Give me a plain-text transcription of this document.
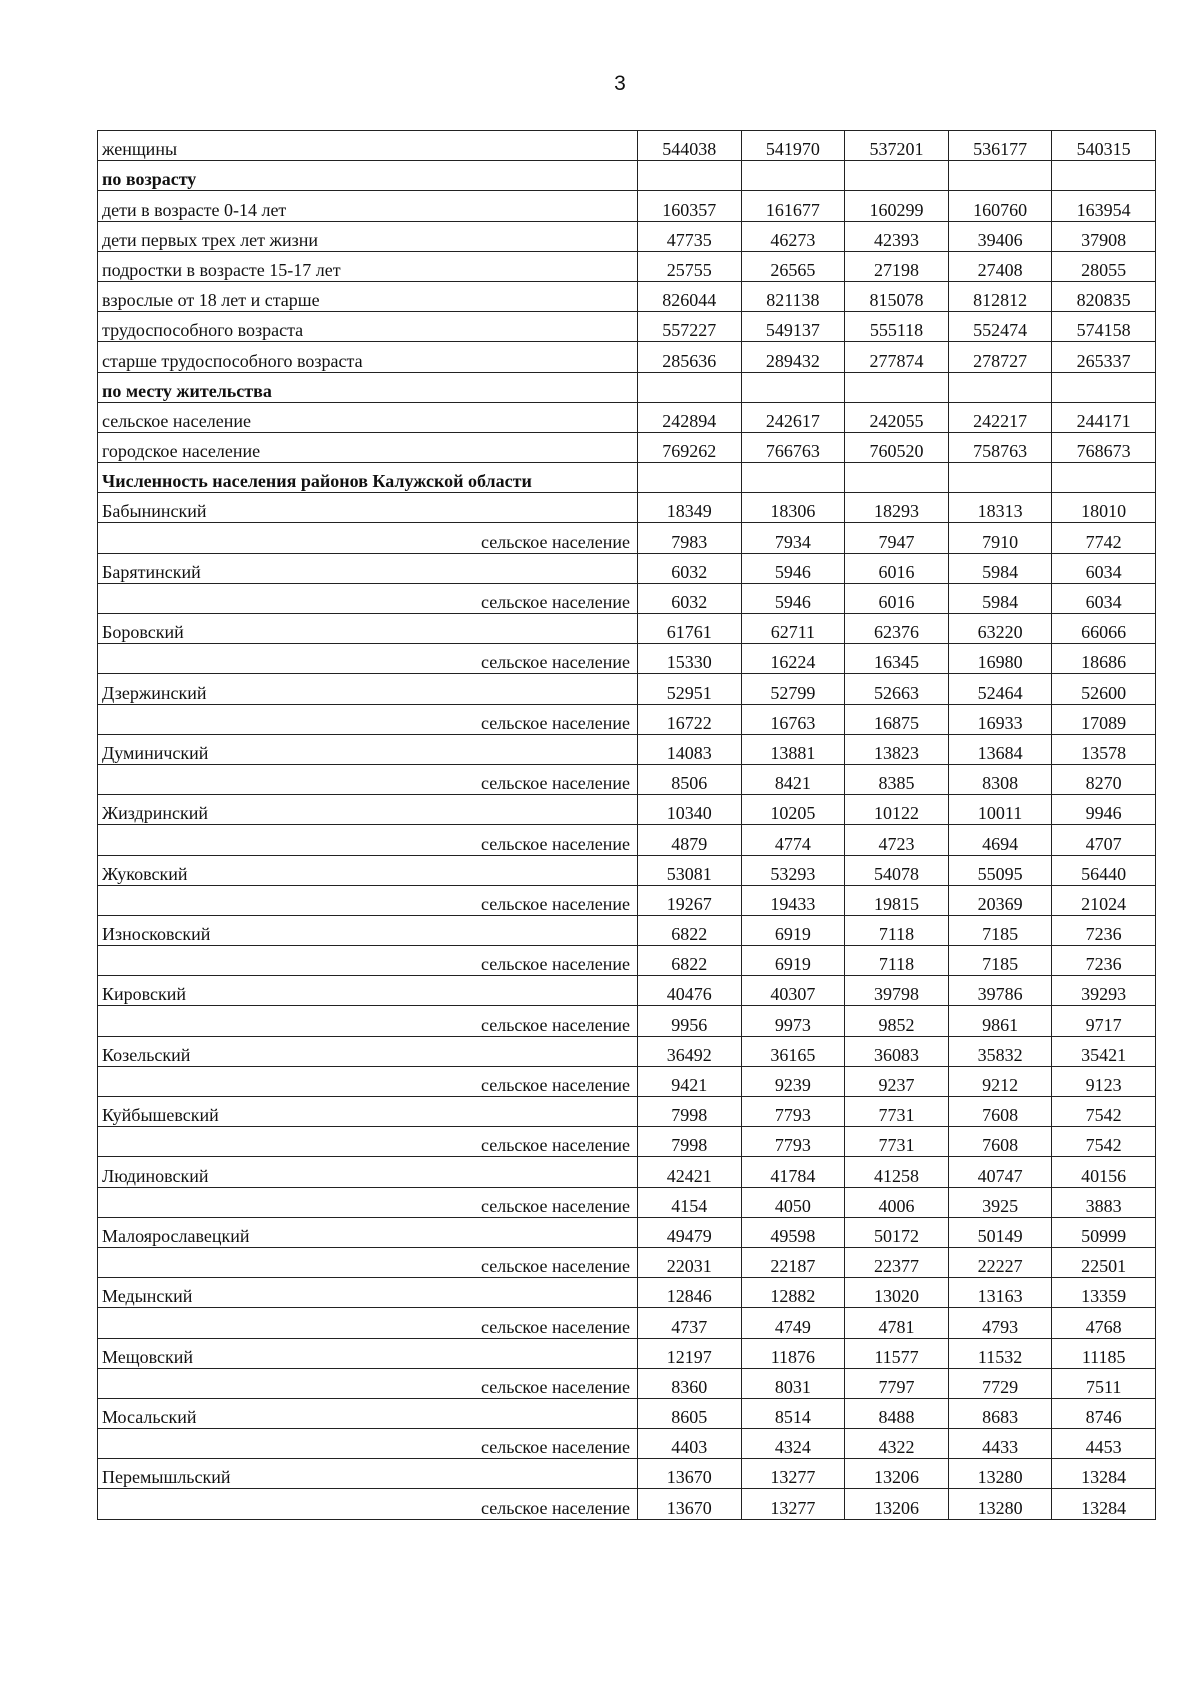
3
женщины	544038	541970	537201	536177	540315
по возрасту					
дети в возрасте 0-14 лет	160357	161677	160299	160760	163954
дети первых трех лет жизни	47735	46273	42393	39406	37908
подростки в возрасте 15-17 лет	25755	26565	27198	27408	28055
взрослые от 18 лет и старше	826044	821138	815078	812812	820835
трудоспособного возраста	557227	549137	555118	552474	574158
старше трудоспособного возраста	285636	289432	277874	278727	265337
по месту жительства					
сельское население	242894	242617	242055	242217	244171
городское население	769262	766763	760520	758763	768673
Численность населения районов Калужской области					
Бабынинский	18349	18306	18293	18313	18010
сельское население	7983	7934	7947	7910	7742
Барятинский	6032	5946	6016	5984	6034
сельское население	6032	5946	6016	5984	6034
Боровский	61761	62711	62376	63220	66066
сельское население	15330	16224	16345	16980	18686
Дзержинский	52951	52799	52663	52464	52600
сельское население	16722	16763	16875	16933	17089
Думиничский	14083	13881	13823	13684	13578
сельское население	8506	8421	8385	8308	8270
Жиздринский	10340	10205	10122	10011	9946
сельское население	4879	4774	4723	4694	4707
Жуковский	53081	53293	54078	55095	56440
сельское население	19267	19433	19815	20369	21024
Износковский	6822	6919	7118	7185	7236
сельское население	6822	6919	7118	7185	7236
Кировский	40476	40307	39798	39786	39293
сельское население	9956	9973	9852	9861	9717
Козельский	36492	36165	36083	35832	35421
сельское население	9421	9239	9237	9212	9123
Куйбышевский	7998	7793	7731	7608	7542
сельское население	7998	7793	7731	7608	7542
Людиновский	42421	41784	41258	40747	40156
сельское население	4154	4050	4006	3925	3883
Малоярославецкий	49479	49598	50172	50149	50999
сельское население	22031	22187	22377	22227	22501
Медынский	12846	12882	13020	13163	13359
сельское население	4737	4749	4781	4793	4768
Мещовский	12197	11876	11577	11532	11185
сельское население	8360	8031	7797	7729	7511
Мосальский	8605	8514	8488	8683	8746
сельское население	4403	4324	4322	4433	4453
Перемышльский	13670	13277	13206	13280	13284
сельское население	13670	13277	13206	13280	13284
